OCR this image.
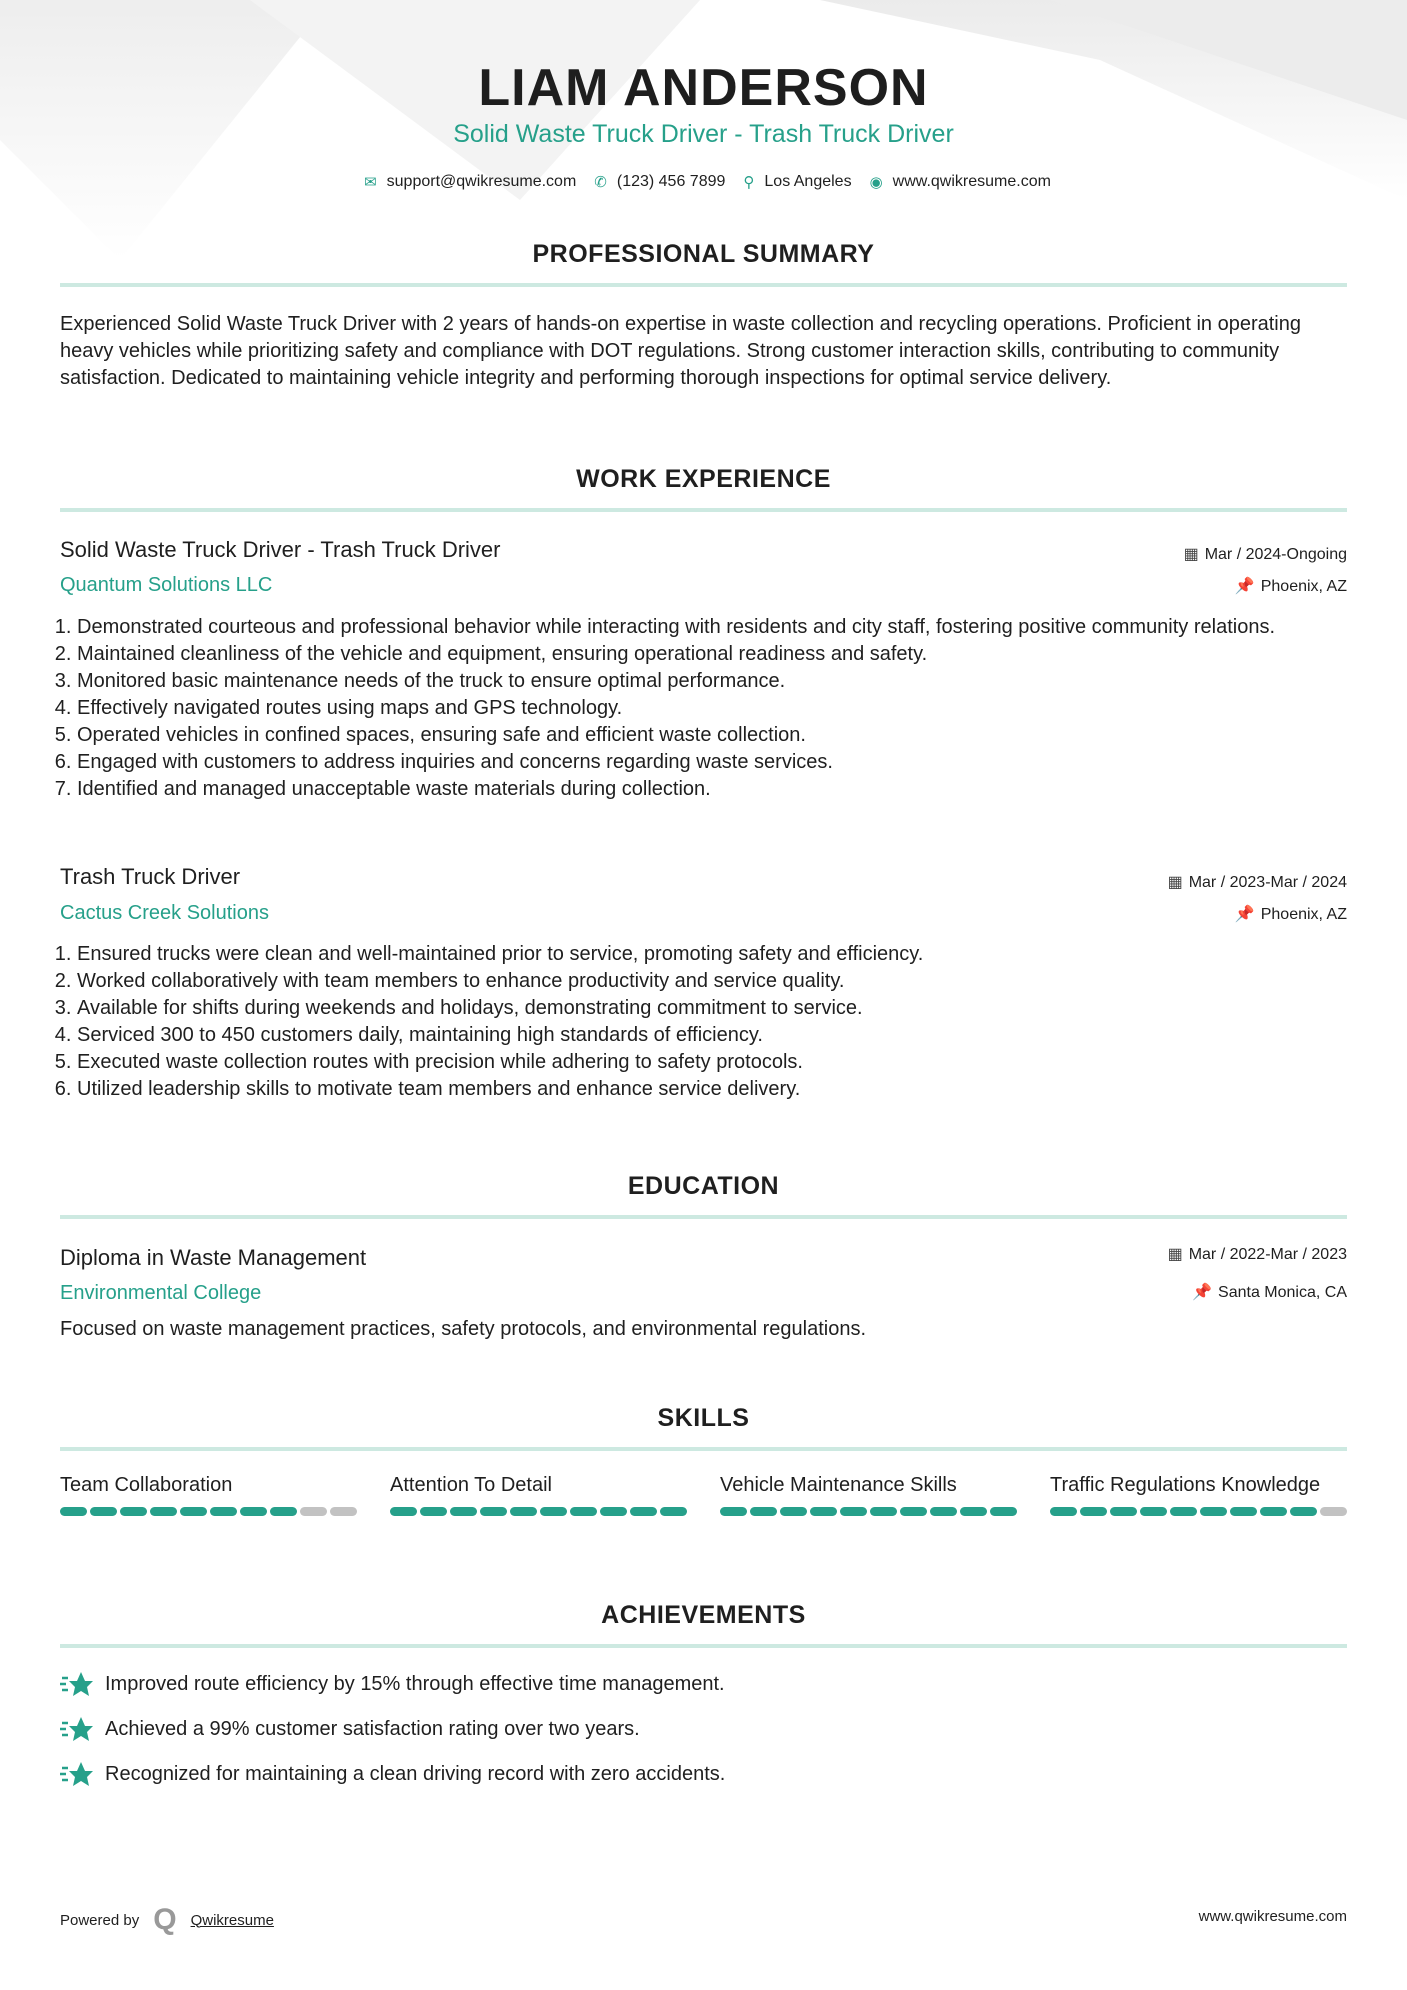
LIAM ANDERSON
Solid Waste Truck Driver - Trash Truck Driver
✉ support@qwikresume.com ✆ (123) 456 7899 ⚲ Los Angeles ◉ www.qwikresume.com
PROFESSIONAL SUMMARY
Experienced Solid Waste Truck Driver with 2 years of hands-on expertise in waste collection and recycling operations. Proficient in operating heavy vehicles while prioritizing safety and compliance with DOT regulations. Strong customer interaction skills, contributing to community satisfaction. Dedicated to maintaining vehicle integrity and performing thorough inspections for optimal service delivery.
WORK EXPERIENCE
Solid Waste Truck Driver - Trash Truck Driver
Quantum Solutions LLC
▦ Mar / 2024-Ongoing
📌 Phoenix, AZ
1. Demonstrated courteous and professional behavior while interacting with residents and city staff, fostering positive community relations.
2. Maintained cleanliness of the vehicle and equipment, ensuring operational readiness and safety.
3. Monitored basic maintenance needs of the truck to ensure optimal performance.
4. Effectively navigated routes using maps and GPS technology.
5. Operated vehicles in confined spaces, ensuring safe and efficient waste collection.
6. Engaged with customers to address inquiries and concerns regarding waste services.
7. Identified and managed unacceptable waste materials during collection.
Trash Truck Driver
Cactus Creek Solutions
▦ Mar / 2023-Mar / 2024
📌 Phoenix, AZ
1. Ensured trucks were clean and well-maintained prior to service, promoting safety and efficiency.
2. Worked collaboratively with team members to enhance productivity and service quality.
3. Available for shifts during weekends and holidays, demonstrating commitment to service.
4. Serviced 300 to 450 customers daily, maintaining high standards of efficiency.
5. Executed waste collection routes with precision while adhering to safety protocols.
6. Utilized leadership skills to motivate team members and enhance service delivery.
EDUCATION
Diploma in Waste Management
Environmental College
▦ Mar / 2022-Mar / 2023
📌 Santa Monica, CA
Focused on waste management practices, safety protocols, and environmental regulations.
SKILLS
Team Collaboration	Attention To Detail	Vehicle Maintenance Skills	Traffic Regulations Knowledge
ACHIEVEMENTS
Improved route efficiency by 15% through effective time management.
Achieved a 99% customer satisfaction rating over two years.
Recognized for maintaining a clean driving record with zero accidents.
Powered by Q Qwikresume	www.qwikresume.com
